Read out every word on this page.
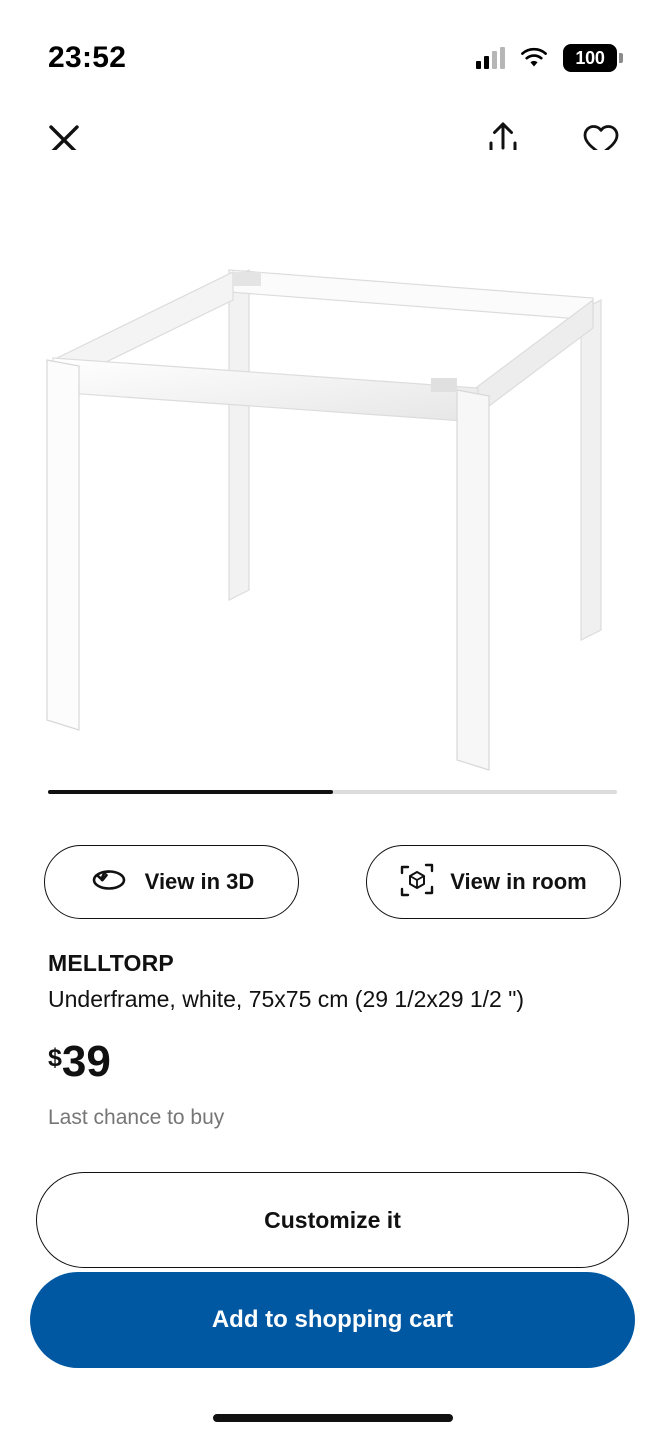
23:52	100
View in 3D	View in room
MELLTORP
Underframe, white, 75x75 cm (29 1/2x29 1/2 ")
$ 39
Last chance to buy
Customize it
Add to shopping cart
